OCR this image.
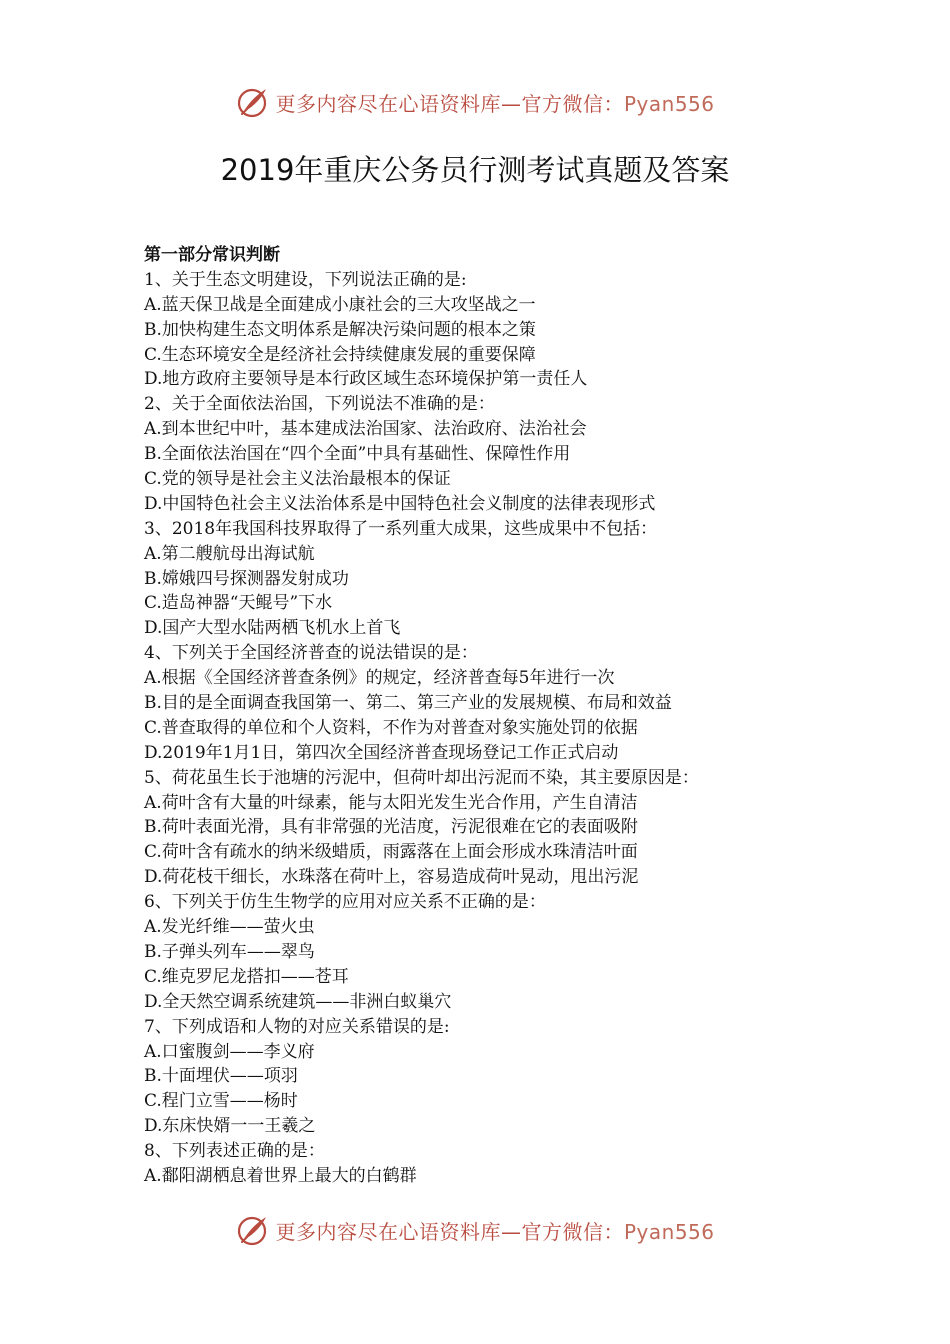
更多内容尽在心语资料库—官方微信：Pyan556
2019年重庆公务员行测考试真题及答案
第一部分常识判断
1、关于生态文明建设，下列说法正确的是:
A.蓝天保卫战是全面建成小康社会的三大攻坚战之一
B.加快构建生态文明体系是解决污染问题的根本之策
C.生态环境安全是经济社会持续健康发展的重要保障
D.地方政府主要领导是本行政区域生态环境保护第一责任人
2、关于全面依法治国，下列说法不准确的是：
A.到本世纪中叶，基本建成法治国家、法治政府、法治社会
B.全面依法治国在“四个全面”中具有基础性、保障性作用
C.党的领导是社会主义法治最根本的保证
D.中国特色社会主义法治体系是中国特色社会义制度的法律表现形式
3、2018年我国科技界取得了一系列重大成果，这些成果中不包括：
A.第二艘航母出海试航
B.嫦娥四号探测器发射成功
C.造岛神器“天鲲号”下水
D.国产大型水陆两栖飞机水上首飞
4、下列关于全国经济普查的说法错误的是：
A.根据《全国经济普查条例》的规定，经济普查每5年进行一次
B.目的是全面调查我国第一、第二、第三产业的发展规模、布局和效益
C.普查取得的单位和个人资料，不作为对普查对象实施处罚的依据
D.2019年1月1日，第四次全国经济普查现场登记工作正式启动
5、荷花虽生长于池塘的污泥中，但荷叶却出污泥而不染，其主要原因是：
A.荷叶含有大量的叶绿素，能与太阳光发生光合作用，产生自清洁
B.荷叶表面光滑，具有非常强的光洁度，污泥很难在它的表面吸附
C.荷叶含有疏水的纳米级蜡质，雨露落在上面会形成水珠清洁叶面
D.荷花枝干细长，水珠落在荷叶上，容易造成荷叶晃动，甩出污泥
6、下列关于仿生生物学的应用对应关系不正确的是：
A.发光纤维——萤火虫
B.子弹头列车——翠鸟
C.维克罗尼龙搭扣——苍耳
D.全天然空调系统建筑——非洲白蚁巢穴
7、下列成语和人物的对应关系错误的是:
A.口蜜腹剑——李义府
B.十面埋伏——项羽
C.程门立雪——杨时
D.东床快婿一一王羲之
8、下列表述正确的是：
A.鄱阳湖栖息着世界上最大的白鹤群
更多内容尽在心语资料库—官方微信：Pyan556
